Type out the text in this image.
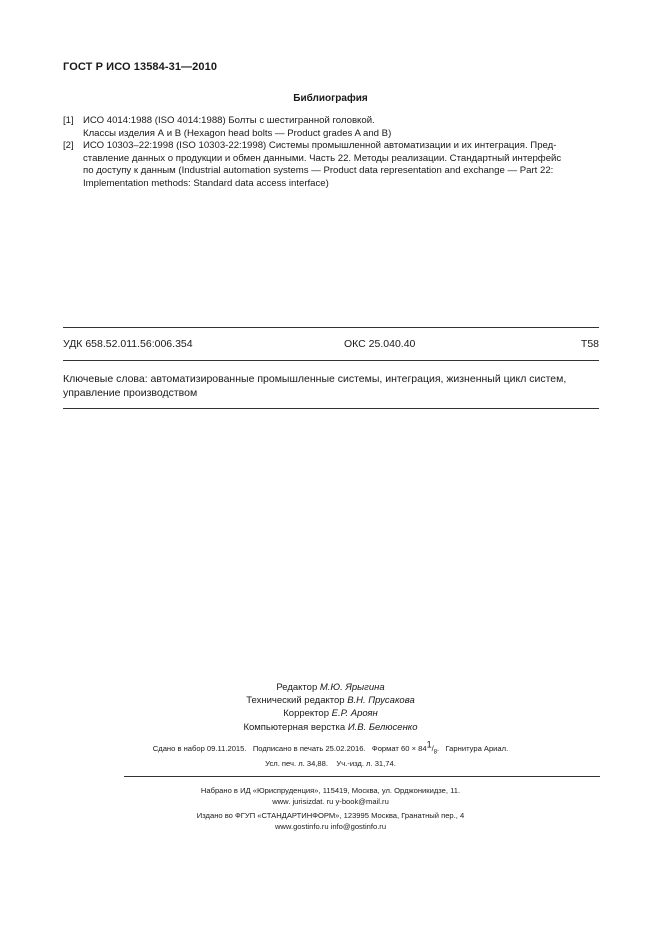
ГОСТ Р ИСО 13584-31—2010
Библиография
[1] ИСО 4014:1988 (ISO 4014:1988) Болты с шестигранной головкой.
Классы изделия А и В (Hexagon head bolts — Product grades A and B)
[2] ИСО 10303–22:1998 (ISO 10303-22:1998) Системы промышленной автоматизации и их интеграция. Пред-
ставление данных о продукции и обмен данными. Часть 22. Методы реализации. Стандартный интерфейс
по доступу к данным (Industrial automation systems — Product data representation and exchange — Part 22:
Implementation methods: Standard data access interface)
УДК 658.52.011.56:006.354	ОКС 25.040.40	T58
Ключевые слова: автоматизированные промышленные системы, интеграция, жизненный цикл систем, управление производством
Редактор М.Ю. Ярыгина
Технический редактор В.Н. Прусакова
Корректор Е.Р. Ароян
Компьютерная верстка И.В. Белюсенко
Сдано в набор 09.11.2015. Подписано в печать 25.02.2016. Формат $60 \times 84^1/_8$.   Гарнитура Ариал.
Усл. печ. л. 34,88. Уч.-изд. л. 31,74.
Набрано в ИД «Юриспруденция», 115419, Москва, ул. Орджоникидзе, 11.
www. jurisizdat. ru y-book@mail.ru
Издано во ФГУП «СТАНДАРТИНФОРМ», 123995 Москва, Гранатный пер., 4
www.gostinfo.ru info@gostinfo.ru
